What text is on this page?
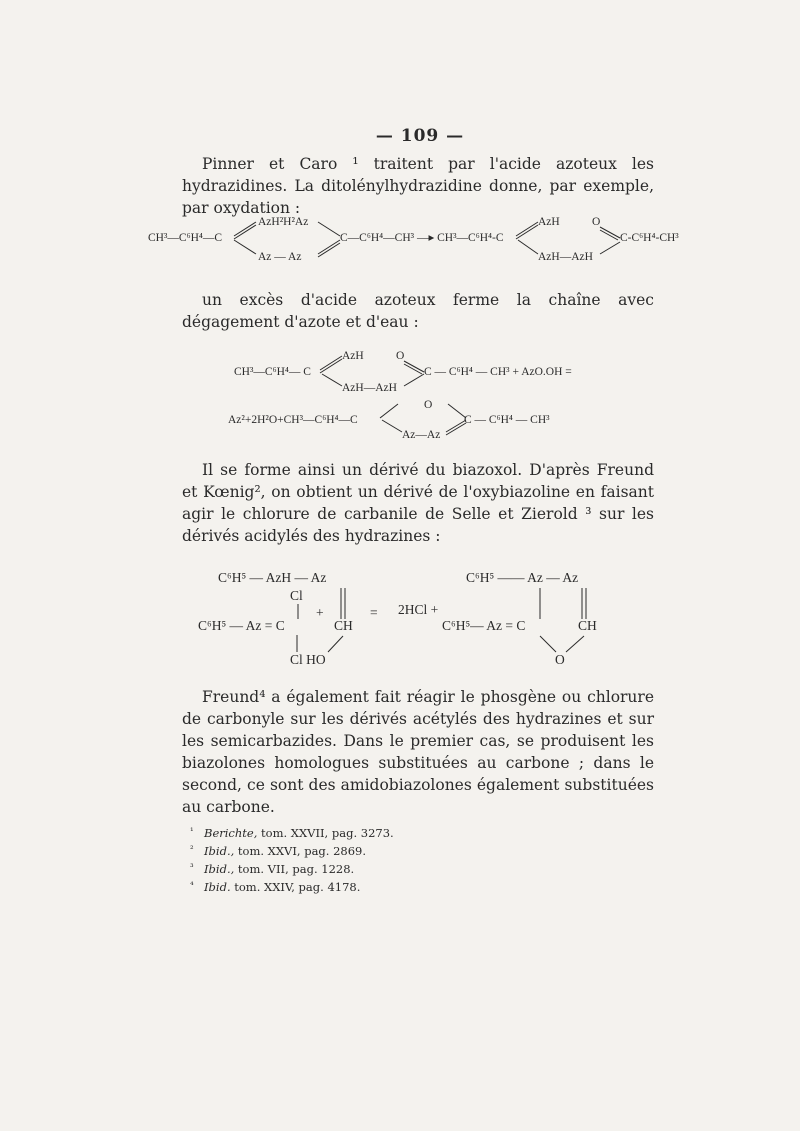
— 109 —
Pinner et Caro ¹ traitent par l'acide azoteux les hydrazidines. La ditolénylhydrazidine donne, par exemple, par oxydation :
CH³—C⁶H⁴—C
AzH²H²Az
Az — Az
C—C⁶H⁴—CH³ —▸ CH³—C⁶H⁴-C
AzH	O
AzH—AzH
C-C⁶H⁴-CH³
un excès d'acide azoteux ferme la chaîne avec dégagement d'azote et d'eau :
CH³—C⁶H⁴— C
AzH	O
AzH—AzH
C — C⁶H⁴ — CH³ + AzO.OH =
Az²+2H²O+CH³—C⁶H⁴—C
O
Az—Az
C — C⁶H⁴ — CH³
Il se forme ainsi un dérivé du biazoxol. D'après Freund et Kœnig², on obtient un dérivé de l'oxybiazoline en faisant agir le chlorure de carbanile de Selle et Zierold ³ sur les dérivés acidylés des hydrazines :
C⁶H⁵ — AzH — Az
Cl
+
C⁶H⁵ — Az = C	CH
Cl HO
= 2HCl +
C⁶H⁵ —— Az — Az
C⁶H⁵— Az = C	CH
O
Freund⁴ a également fait réagir le phosgène ou chlorure de carbonyle sur les dérivés acétylés des hydrazines et sur les semicarbazides. Dans le premier cas, se produisent les biazolones homologues substituées au carbone ; dans le second, ce sont des amidobiazolones également substituées au carbone.
¹ Berichte, tom. XXVII, pag. 3273.
² Ibid., tom. XXVI, pag. 2869.
³ Ibid., tom. VII, pag. 1228.
⁴ Ibid. tom. XXIV, pag. 4178.
